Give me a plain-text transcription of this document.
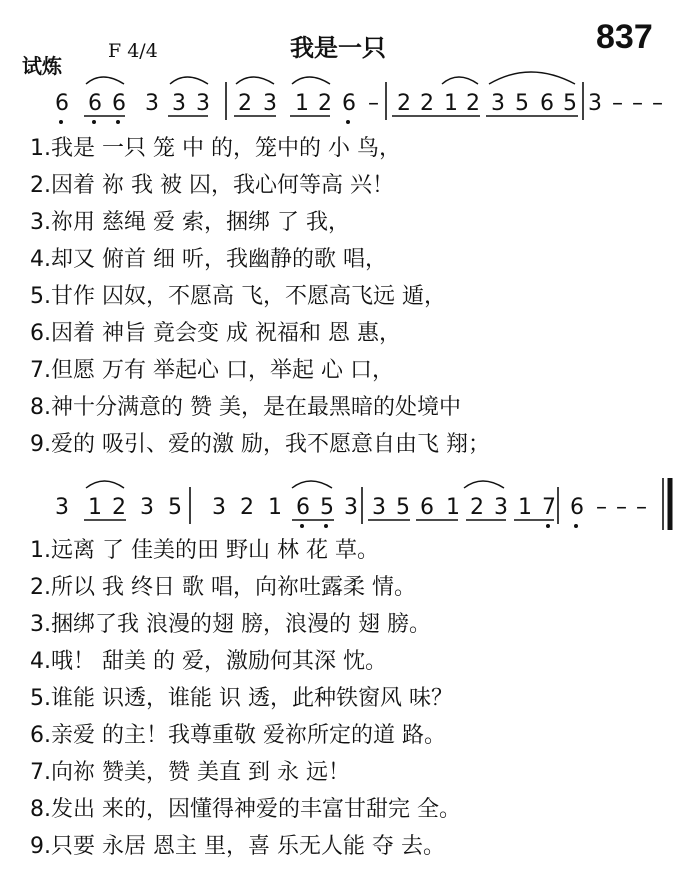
试炼
F 4/4	我是一只	837
6 6 6 3 3 3 2 3 1 2 6 – 2 2 1 2 3 5 6 5 3 – – –
3 1 2 3 5 3 2 1 6 5 3 3 5 6 1 2 3 1 7 6 – – –
1.我是 一只 笼 中 的，笼中的 小 鸟，
2.因着 祢 我 被 囚，我心何等高 兴！
3.祢用 慈绳 爱 索，捆绑 了 我，
4.却又 俯首 细 听，我幽静的歌 唱，
5.甘作 囚奴，不愿高 飞，不愿高飞远 遁，
6.因着 神旨 竟会变 成 祝福和 恩 惠，
7.但愿 万有 举起心 口，举起 心 口，
8.神十分满意的 赞 美，是在最黑暗的处境中
9.爱的 吸引、爱的激 励，我不愿意自由飞 翔；
1.远离 了 佳美的田 野山 林 花 草。
2.所以 我 终日 歌 唱，向祢吐露柔 情。
3.捆绑了我 浪漫的翅 膀，浪漫的 翅 膀。
4.哦！ 甜美 的 爱，激励何其深 忱。
5.谁能 识透，谁能 识 透，此种铁窗风 味？
6.亲爱 的主！我尊重敬 爱祢所定的道 路。
7.向祢 赞美，赞 美直 到 永 远！
8.发出 来的，因懂得神爱的丰富甘甜完 全。
9.只要 永居 恩主 里，喜 乐无人能 夺 去。
